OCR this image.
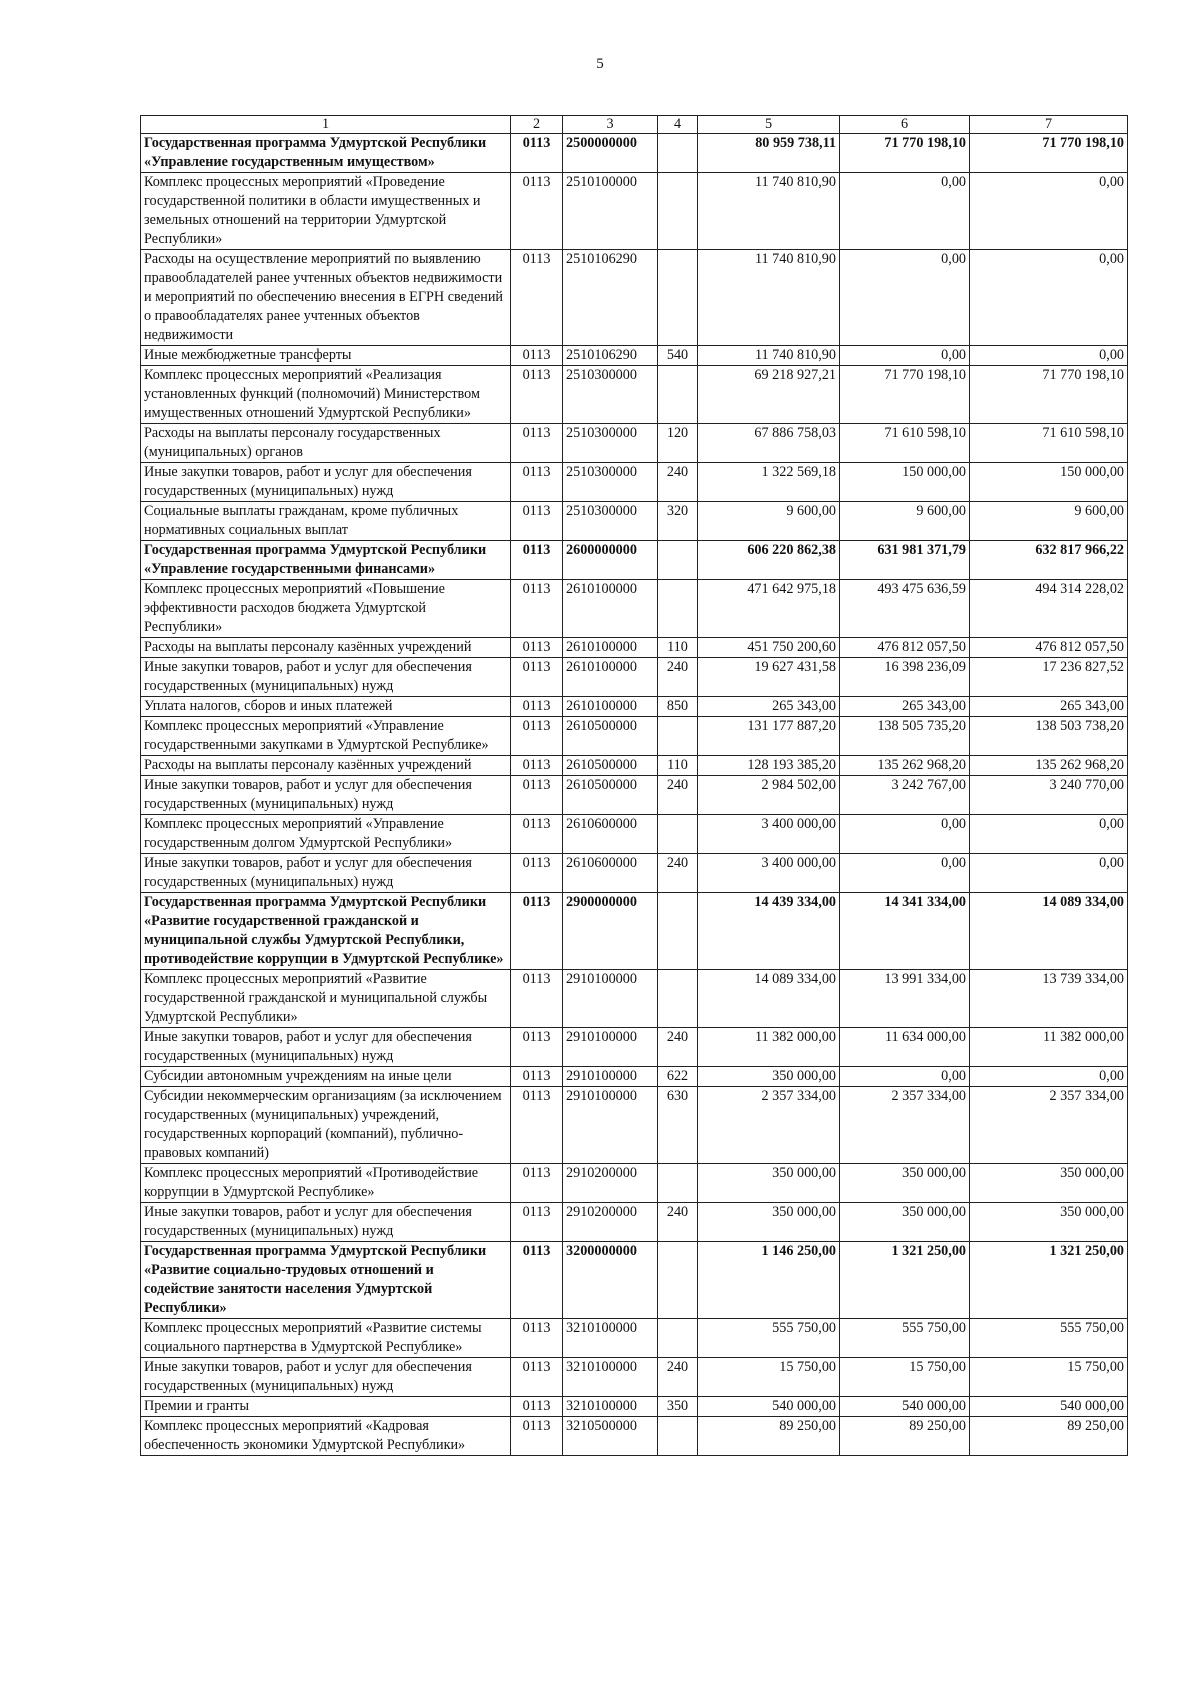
5
1	2	3	4	5	6	7
Государственная программа Удмуртской Республики «Управление государственным имуществом»	0113	2500000000		80 959 738,11	71 770 198,10	71 770 198,10
Комплекс процессных мероприятий «Проведение государственной политики в области имущественных и земельных отношений на территории Удмуртской Республики»	0113	2510100000		11 740 810,90	0,00	0,00
Расходы на осуществление мероприятий по выявлению правообладателей ранее учтенных объектов недвижимости и мероприятий по обеспечению внесения в ЕГРН сведений о правообладателях ранее учтенных объектов недвижимости	0113	2510106290		11 740 810,90	0,00	0,00
Иные межбюджетные трансферты	0113	2510106290	540	11 740 810,90	0,00	0,00
Комплекс процессных мероприятий «Реализация установленных функций (полномочий) Министерством имущественных отношений Удмуртской Республики»	0113	2510300000		69 218 927,21	71 770 198,10	71 770 198,10
Расходы на выплаты персоналу государственных (муниципальных) органов	0113	2510300000	120	67 886 758,03	71 610 598,10	71 610 598,10
Иные закупки товаров, работ и услуг для обеспечения государственных (муниципальных) нужд	0113	2510300000	240	1 322 569,18	150 000,00	150 000,00
Социальные выплаты гражданам, кроме публичных нормативных социальных выплат	0113	2510300000	320	9 600,00	9 600,00	9 600,00
Государственная программа Удмуртской Республики «Управление государственными финансами»	0113	2600000000		606 220 862,38	631 981 371,79	632 817 966,22
Комплекс процессных мероприятий «Повышение эффективности расходов бюджета Удмуртской Республики»	0113	2610100000		471 642 975,18	493 475 636,59	494 314 228,02
Расходы на выплаты персоналу казённых учреждений	0113	2610100000	110	451 750 200,60	476 812 057,50	476 812 057,50
Иные закупки товаров, работ и услуг для обеспечения государственных (муниципальных) нужд	0113	2610100000	240	19 627 431,58	16 398 236,09	17 236 827,52
Уплата налогов, сборов и иных платежей	0113	2610100000	850	265 343,00	265 343,00	265 343,00
Комплекс процессных мероприятий «Управление государственными закупками в Удмуртской Республике»	0113	2610500000		131 177 887,20	138 505 735,20	138 503 738,20
Расходы на выплаты персоналу казённых учреждений	0113	2610500000	110	128 193 385,20	135 262 968,20	135 262 968,20
Иные закупки товаров, работ и услуг для обеспечения государственных (муниципальных) нужд	0113	2610500000	240	2 984 502,00	3 242 767,00	3 240 770,00
Комплекс процессных мероприятий «Управление государственным долгом Удмуртской Республики»	0113	2610600000		3 400 000,00	0,00	0,00
Иные закупки товаров, работ и услуг для обеспечения государственных (муниципальных) нужд	0113	2610600000	240	3 400 000,00	0,00	0,00
Государственная программа Удмуртской Республики «Развитие государственной гражданской и муниципальной службы Удмуртской Республики, противодействие коррупции в Удмуртской Республике»	0113	2900000000		14 439 334,00	14 341 334,00	14 089 334,00
Комплекс процессных мероприятий «Развитие государственной гражданской и муниципальной службы Удмуртской Республики»	0113	2910100000		14 089 334,00	13 991 334,00	13 739 334,00
Иные закупки товаров, работ и услуг для обеспечения государственных (муниципальных) нужд	0113	2910100000	240	11 382 000,00	11 634 000,00	11 382 000,00
Субсидии автономным учреждениям на иные цели	0113	2910100000	622	350 000,00	0,00	0,00
Субсидии некоммерческим организациям (за исключением государственных (муниципальных) учреждений, государственных корпораций (компаний), публично-правовых компаний)	0113	2910100000	630	2 357 334,00	2 357 334,00	2 357 334,00
Комплекс процессных мероприятий «Противодействие коррупции в Удмуртской Республике»	0113	2910200000		350 000,00	350 000,00	350 000,00
Иные закупки товаров, работ и услуг для обеспечения государственных (муниципальных) нужд	0113	2910200000	240	350 000,00	350 000,00	350 000,00
Государственная программа Удмуртской Республики «Развитие социально-трудовых отношений и содействие занятости населения Удмуртской Республики»	0113	3200000000		1 146 250,00	1 321 250,00	1 321 250,00
Комплекс процессных мероприятий «Развитие системы социального партнерства в Удмуртской Республике»	0113	3210100000		555 750,00	555 750,00	555 750,00
Иные закупки товаров, работ и услуг для обеспечения государственных (муниципальных) нужд	0113	3210100000	240	15 750,00	15 750,00	15 750,00
Премии и гранты	0113	3210100000	350	540 000,00	540 000,00	540 000,00
Комплекс процессных мероприятий «Кадровая обеспеченность экономики Удмуртской Республики»	0113	3210500000		89 250,00	89 250,00	89 250,00
